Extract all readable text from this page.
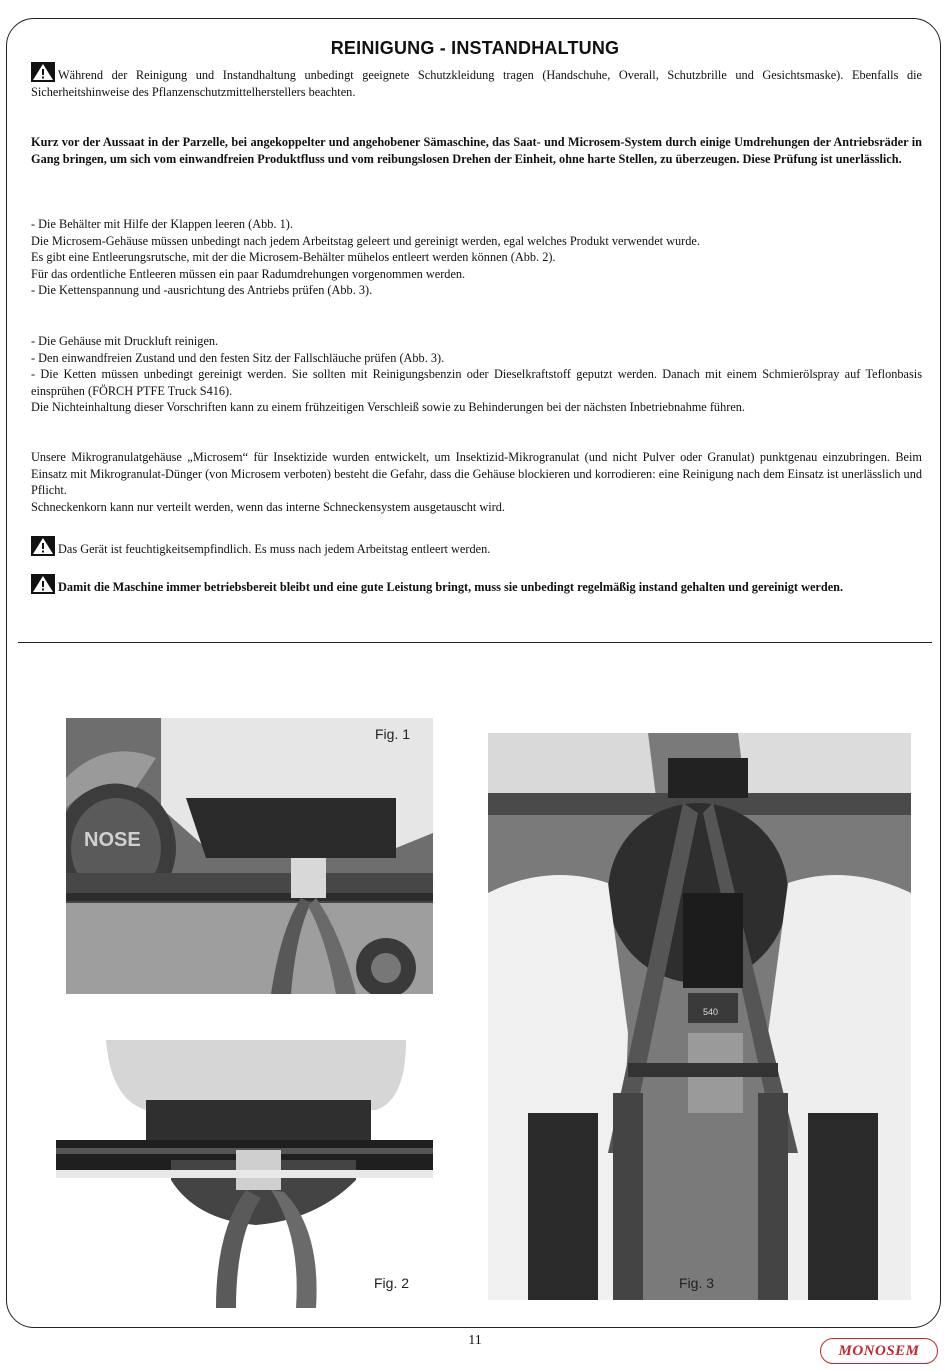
REINIGUNG - INSTANDHALTUNG

Während der Reinigung und Instandhaltung unbedingt geeignete Schutzkleidung tragen (Handschuhe, Overall, Schutzbrille und Gesichtsmaske). Ebenfalls die Sicherheitshinweise des Pflanzenschutzmittelherstellers beachten.

Kurz vor der Aussaat in der Parzelle, bei angekoppelter und angehobener Sämaschine, das Saat- und Microsem-System durch einige Umdrehungen der Antriebsräder in Gang bringen, um sich vom einwandfreien Produktfluss und vom reibungslosen Drehen der Einheit, ohne harte Stellen, zu überzeugen. Diese Prüfung ist unerlässlich.

- Die Behälter mit Hilfe der Klappen leeren (Abb. 1).

Die Microsem-Gehäuse müssen unbedingt nach jedem Arbeitstag geleert und gereinigt werden, egal welches Produkt verwendet wurde.

Es gibt eine Entleerungsrutsche, mit der die Microsem-Behälter mühelos entleert werden können (Abb. 2).

Für das ordentliche Entleeren müssen ein paar Radumdrehungen vorgenommen werden.

- Die Kettenspannung und -ausrichtung des Antriebs prüfen (Abb. 3).

- Die Gehäuse mit Druckluft reinigen.

- Den einwandfreien Zustand und den festen Sitz der Fallschläuche prüfen (Abb. 3).

- Die Ketten müssen unbedingt gereinigt werden. Sie sollten mit Reinigungsbenzin oder Dieselkraftstoff geputzt werden. Danach mit einem Schmierölspray auf Teflonbasis einsprühen (FÖRCH PTFE Truck S416).

Die Nichteinhaltung dieser Vorschriften kann zu einem frühzeitigen Verschleiß sowie zu Behinderungen bei der nächsten Inbetriebnahme führen.

Unsere Mikrogranulatgehäuse „Microsem“ für Insektizide wurden entwickelt, um Insektizid-Mikrogranulat (und nicht Pulver oder Granulat) punktgenau einzubringen. Beim Einsatz mit Mikrogranulat-Dünger (von Microsem verboten) besteht die Gefahr, dass die Gehäuse blockieren und korrodieren: eine Reinigung nach dem Einsatz ist unerlässlich und Pflicht.

Schneckenkorn kann nur verteilt werden, wenn das interne Schneckensystem ausgetauscht wird.

Das Gerät ist feuchtigkeitsempfindlich. Es muss nach jedem Arbeitstag entleert werden.

Damit die Maschine immer betriebsbereit bleibt und eine gute Leistung bringt, muss sie unbedingt regelmäßig instand gehalten und gereinigt werden.

NOSE
Fig. 1
Fig. 2
540
Fig. 3
11
MONOSEM
